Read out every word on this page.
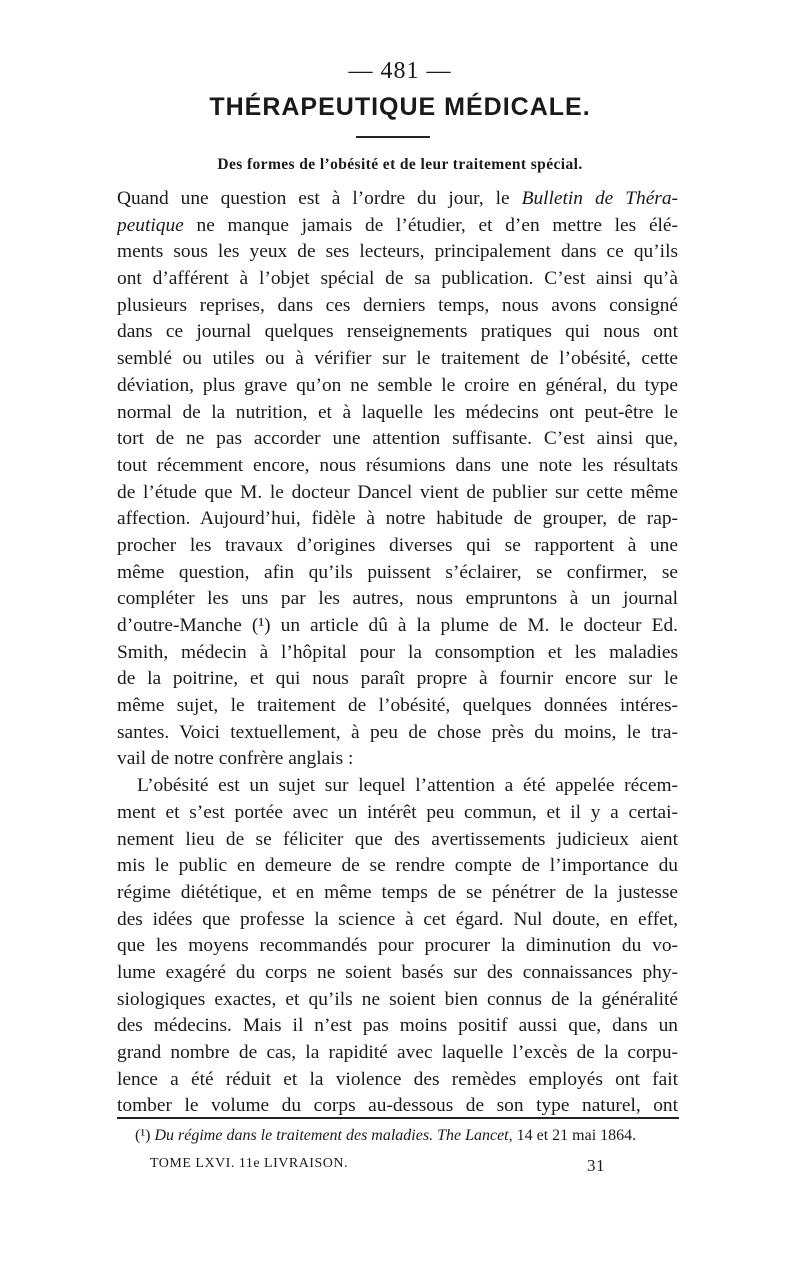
— 481 —
THÉRAPEUTIQUE MÉDICALE.
Des formes de l’obésité et de leur traitement spécial.
Quand une question est à l’ordre du jour, le Bulletin de Théra-
peutique ne manque jamais de l’étudier, et d’en mettre les élé-
ments sous les yeux de ses lecteurs, principalement dans ce qu’ils
ont d’afférent à l’objet spécial de sa publication. C’est ainsi qu’à
plusieurs reprises, dans ces derniers temps, nous avons consigné
dans ce journal quelques renseignements pratiques qui nous ont
semblé ou utiles ou à vérifier sur le traitement de l’obésité, cette
déviation, plus grave qu’on ne semble le croire en général, du type
normal de la nutrition, et à laquelle les médecins ont peut-être le
tort de ne pas accorder une attention suffisante. C’est ainsi que,
tout récemment encore, nous résumions dans une note les résultats
de l’étude que M. le docteur Dancel vient de publier sur cette même
affection. Aujourd’hui, fidèle à notre habitude de grouper, de rap-
procher les travaux d’origines diverses qui se rapportent à une
même question, afin qu’ils puissent s’éclairer, se confirmer, se
compléter les uns par les autres, nous empruntons à un journal
d’outre-Manche (¹) un article dû à la plume de M. le docteur Ed.
Smith, médecin à l’hôpital pour la consomption et les maladies
de la poitrine, et qui nous paraît propre à fournir encore sur le
même sujet, le traitement de l’obésité, quelques données intéres-
santes. Voici textuellement, à peu de chose près du moins, le tra-
vail de notre confrère anglais :
L’obésité est un sujet sur lequel l’attention a été appelée récem-
ment et s’est portée avec un intérêt peu commun, et il y a certai-
nement lieu de se féliciter que des avertissements judicieux aient
mis le public en demeure de se rendre compte de l’importance du
régime diététique, et en même temps de se pénétrer de la justesse
des idées que professe la science à cet égard. Nul doute, en effet,
que les moyens recommandés pour procurer la diminution du vo-
lume exagéré du corps ne soient basés sur des connaissances phy-
siologiques exactes, et qu’ils ne soient bien connus de la généralité
des médecins. Mais il n’est pas moins positif aussi que, dans un
grand nombre de cas, la rapidité avec laquelle l’excès de la corpu-
lence a été réduit et la violence des remèdes employés ont fait
tomber le volume du corps au-dessous de son type naturel, ont
(¹) Du régime dans le traitement des maladies. The Lancet, 14 et 21 mai 1864.
TOME LXVI. 11e LIVRAISON.	31
